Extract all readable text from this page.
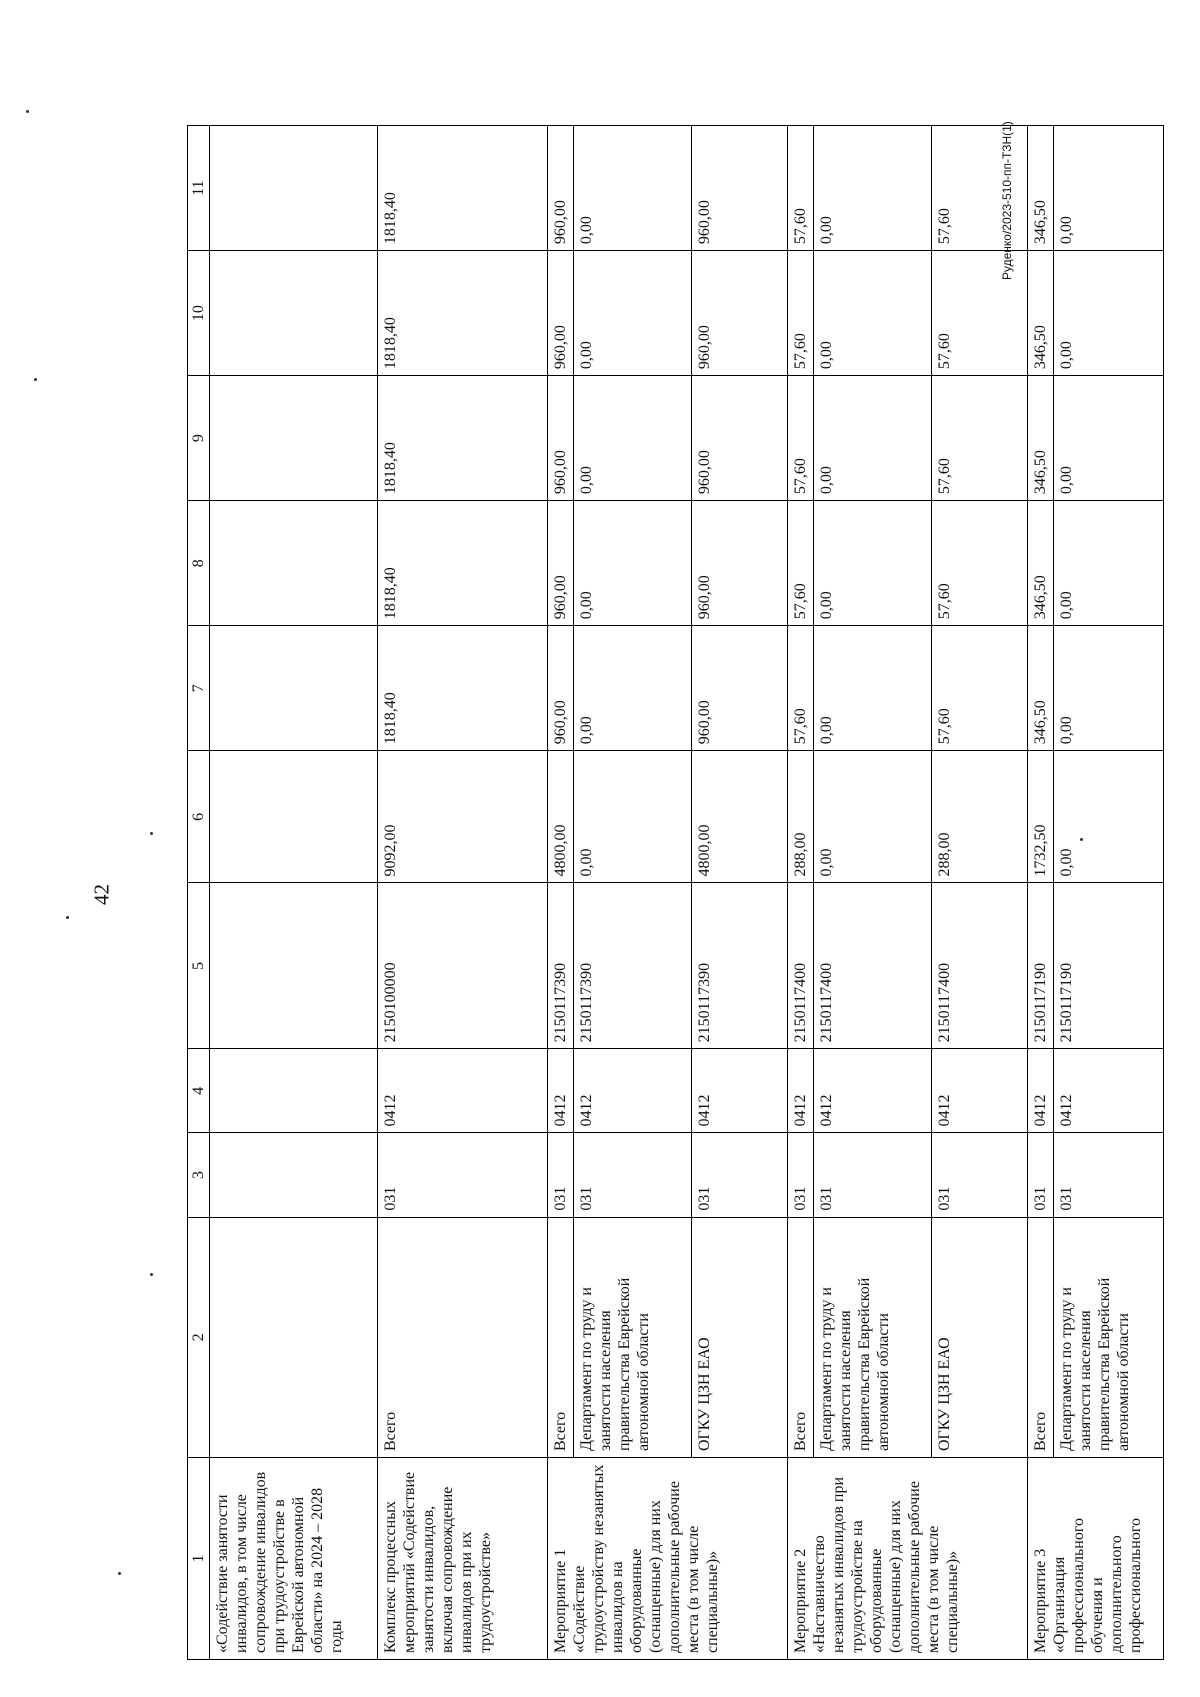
42
Руденко/2023-510-пп-ТЗН(1)
1	2	3	4	5	6	7	8	9	10	11
«Содействие занятости инвалидов, в том числе сопровождение инвалидов при трудоустройстве в Еврейской автономной области» на 2024 – 2028 годы										
Комплекс процессных мероприятий «Содействие занятости инвалидов, включая сопровождение инвалидов при их трудоустройстве»	Всего	031	0412	2150100000	9092,00	1818,40	1818,40	1818,40	1818,40	1818,40
Мероприятие 1 «Содействие трудоустройству незанятых инвалидов на оборудованные (оснащенные) для них дополнительные рабочие места (в том числе специальные)»	Всего	031	0412	2150117390	4800,00	960,00	960,00	960,00	960,00	960,00
	Департамент по труду и занятости населения правительства Еврейской автономной области	031	0412	2150117390	0,00	0,00	0,00	0,00	0,00	0,00
	ОГКУ ЦЗН ЕАО	031	0412	2150117390	4800,00	960,00	960,00	960,00	960,00	960,00
Мероприятие 2 «Наставничество незанятых инвалидов при трудоустройстве на оборудованные (оснащенные) для них дополнительные рабочие места (в том числе специальные)»	Всего	031	0412	2150117400	288,00	57,60	57,60	57,60	57,60	57,60
	Департамент по труду и занятости населения правительства Еврейской автономной области	031	0412	2150117400	0,00	0,00	0,00	0,00	0,00	0,00
	ОГКУ ЦЗН ЕАО	031	0412	2150117400	288,00	57,60	57,60	57,60	57,60	57,60
Мероприятие 3 «Организация профессионального обучения и дополнительного профессионального	Всего	031	0412	2150117190	1732,50	346,50	346,50	346,50	346,50	346,50
	Департамент по труду и занятости населения правительства Еврейской автономной области	031	0412	2150117190	0,00	0,00	0,00	0,00	0,00	0,00
